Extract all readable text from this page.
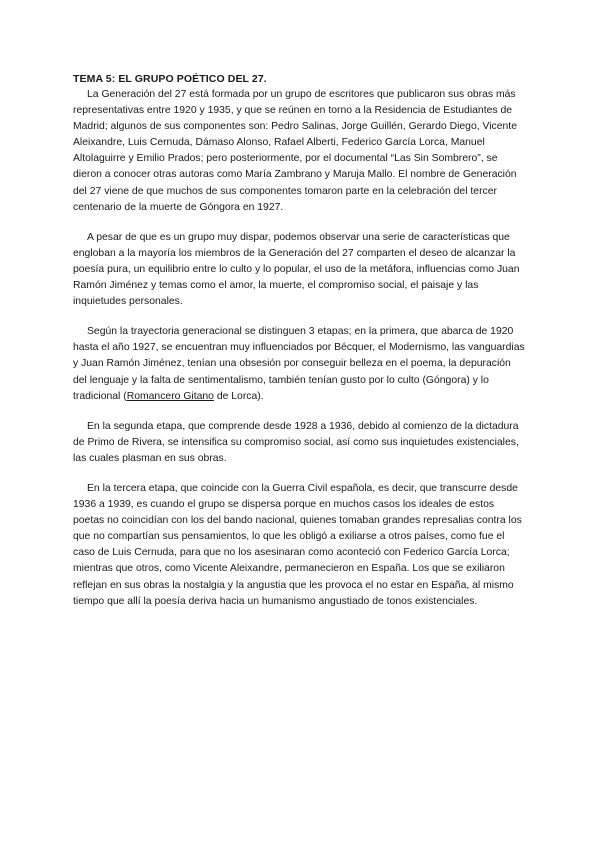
TEMA 5: EL GRUPO POÉTICO DEL 27.

La Generación del 27 está formada por un grupo de escritores que publicaron sus obras más representativas entre 1920 y 1935, y que se reúnen en torno a la Residencia de Estudiantes de Madrid; algunos de sus componentes son: Pedro Salinas, Jorge Guillén, Gerardo Diego, Vicente Aleixandre, Luis Cernuda, Dámaso Alonso, Rafael Alberti, Federico García Lorca, Manuel Altolaguirre y Emilio Prados; pero posteriormente, por el documental “Las Sin Sombrero”, se dieron a conocer otras autoras como María Zambrano y Maruja Mallo. El nombre de Generación del 27 viene de que muchos de sus componentes tomaron parte en la celebración del tercer centenario de la muerte de Góngora en 1927.

A pesar de que es un grupo muy dispar, podemos observar una serie de características que engloban a la mayoría los miembros de la Generación del 27 comparten el deseo de alcanzar la poesía pura, un equilibrio entre lo culto y lo popular, el uso de la metáfora, influencias como Juan Ramón Jiménez y temas como el amor, la muerte, el compromiso social, el paisaje y las inquietudes personales.

Según la trayectoria generacional se distinguen 3 etapas; en la primera, que abarca de 1920 hasta el año 1927, se encuentran muy influenciados por Bécquer, el Modernismo, las vanguardias y Juan Ramón Jiménez, tenían una obsesión por conseguir belleza en el poema, la depuración del lenguaje y la falta de sentimentalismo, también tenían gusto por lo culto (Góngora) y lo tradicional (Romancero Gitano de Lorca).

En la segunda etapa, que comprende desde 1928 a 1936, debido al comienzo de la dictadura de Primo de Rivera, se intensifica su compromiso social, así como sus inquietudes existenciales, las cuales plasman en sus obras.

En la tercera etapa, que coincide con la Guerra Civil española, es decir, que transcurre desde 1936 a 1939, es cuando el grupo se dispersa porque en muchos casos los ideales de estos poetas no coincidían con los del bando nacional, quienes tomaban grandes represalias contra los que no compartían sus pensamientos, lo que les obligó a exiliarse a otros países, como fue el caso de Luis Cernuda, para que no los asesinaran como aconteció con Federico García Lorca; mientras que otros, como Vicente Aleixandre, permanecieron en España. Los que se exiliaron reflejan en sus obras la nostalgia y la angustia que les provoca el no estar en España, al mismo tiempo que allí la poesía deriva hacia un humanismo angustiado de tonos existenciales.
